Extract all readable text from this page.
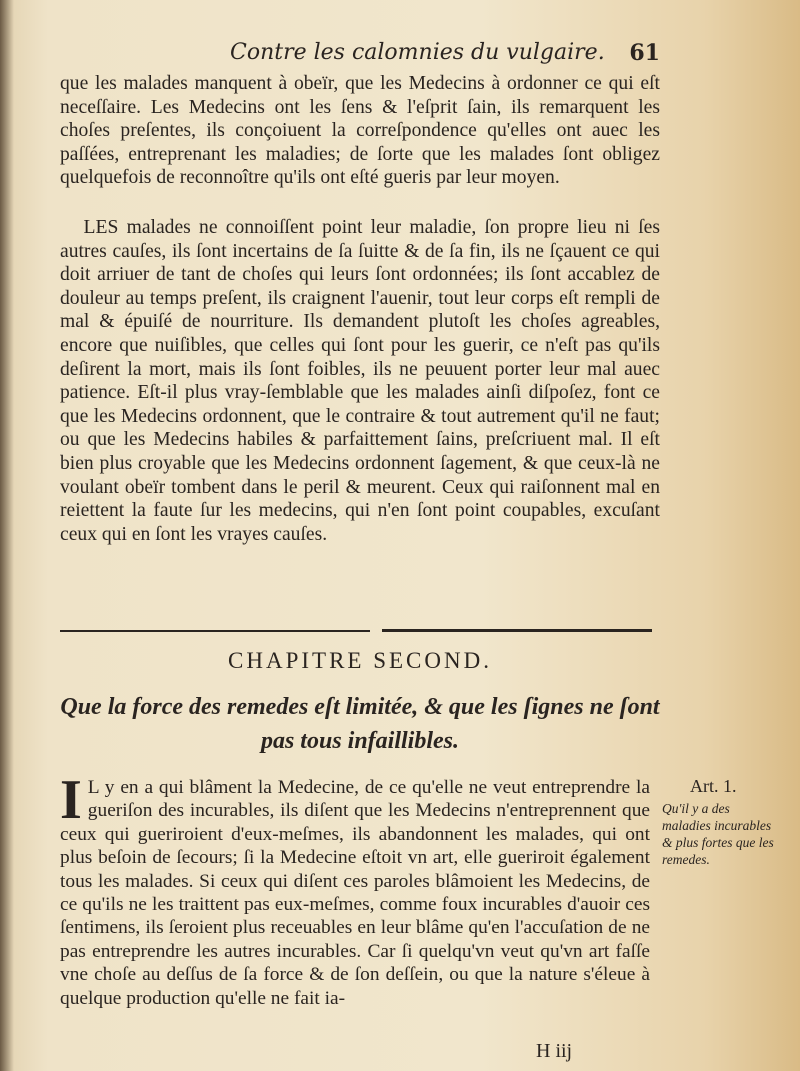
Contre les calomnies du vulgaire. 61

que les malades manquent à obeïr, que les Medecins à ordonner ce qui eſt neceſſaire. Les Medecins ont les ſens & l'eſprit ſain, ils remarquent les choſes preſentes, ils conçoiuent la correſpondence qu'elles ont auec les paſſées, entreprenant les maladies; de ſorte que les malades ſont obligez quelquefois de reconnoître qu'ils ont eſté gueris par leur moyen.

LES malades ne connoiſſent point leur maladie, ſon propre lieu ni ſes autres cauſes, ils ſont incertains de ſa ſuitte & de ſa fin, ils ne ſçauent ce qui doit arriuer de tant de choſes qui leurs ſont ordonnées; ils ſont accablez de douleur au temps preſent, ils craignent l'auenir, tout leur corps eſt rempli de mal & épuiſé de nourriture. Ils demandent plutoſt les choſes agreables, encore que nuiſibles, que celles qui ſont pour les guerir, ce n'eſt pas qu'ils deſirent la mort, mais ils ſont foibles, ils ne peuuent porter leur mal auec patience. Eſt-il plus vray-ſemblable que les malades ainſi diſpoſez, font ce que les Medecins ordonnent, que le contraire & tout autrement qu'il ne faut; ou que les Medecins habiles & parfaittement ſains, preſcriuent mal. Il eſt bien plus croyable que les Medecins ordonnent ſagement, & que ceux-là ne voulant obeïr tombent dans le peril & meurent. Ceux qui raiſonnent mal en reiettent la faute ſur les medecins, qui n'en ſont point coupables, excuſant ceux qui en ſont les vrayes cauſes.

CHAPITRE SECOND.
Que la force des remedes eſt limitée, & que les ſignes ne ſont pas tous infaillibles.
I L y en a qui blâment la Medecine, de ce qu'elle ne veut entreprendre la gueriſon des incurables, ils diſent que les Medecins n'entreprennent que ceux qui gueriroient d'eux-meſmes, ils abandonnent les malades, qui ont plus beſoin de ſecours; ſi la Medecine eſtoit vn art, elle gueriroit également tous les malades. Si ceux qui diſent ces paroles blâmoient les Medecins, de ce qu'ils ne les traittent pas eux-meſmes, comme foux incurables d'auoir ces ſentimens, ils ſeroient plus receuables en leur blâme qu'en l'accuſation de ne pas entreprendre les autres incurables. Car ſi quelqu'vn veut qu'vn art faſſe vne choſe au deſſus de ſa force & de ſon deſſein, ou que la nature s'éleue à quelque production qu'elle ne fait ia-
Art. 1.
Qu'il y a des maladies incurables & plus fortes que les remedes.
H iij
